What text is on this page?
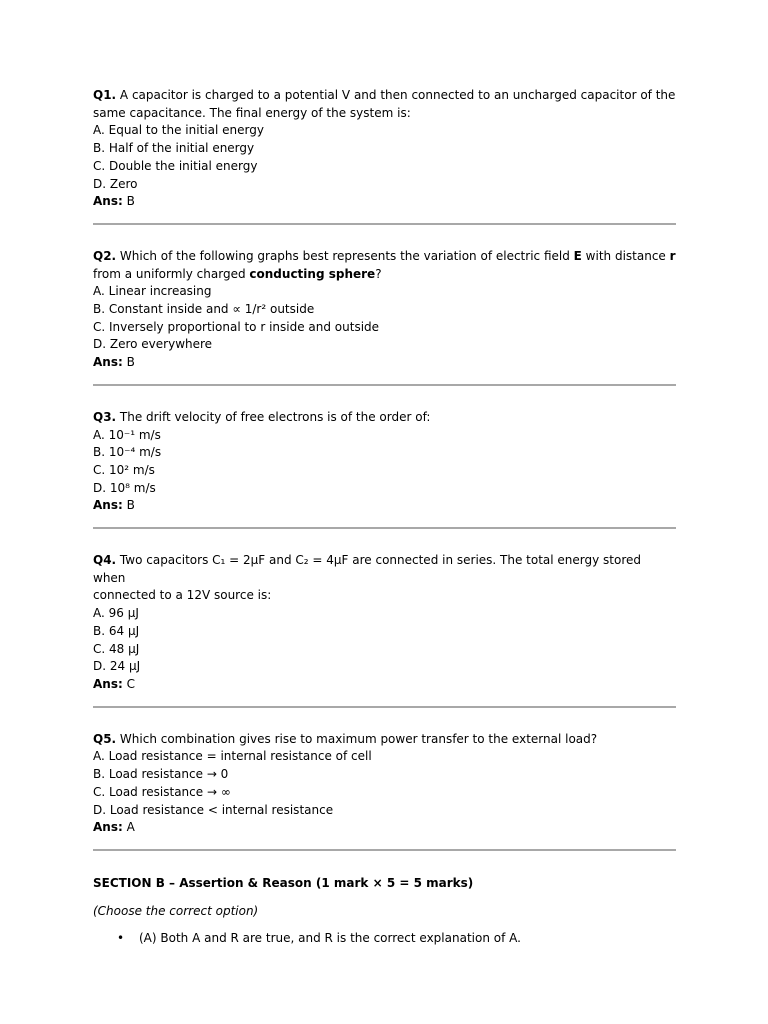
Q1. A capacitor is charged to a potential V and then connected to an uncharged capacitor of the

same capacitance. The final energy of the system is:

A. Equal to the initial energy

B. Half of the initial energy

C. Double the initial energy

D. Zero

Ans: B

Q2. Which of the following graphs best represents the variation of electric field E with distance r

from a uniformly charged conducting sphere?

A. Linear increasing

B. Constant inside and ∝ 1/r² outside

C. Inversely proportional to r inside and outside

D. Zero everywhere

Ans: B

Q3. The drift velocity of free electrons is of the order of:

A. 10⁻¹ m/s

B. 10⁻⁴ m/s

C. 10² m/s

D. 10⁸ m/s

Ans: B

Q4. Two capacitors C₁ = 2μF and C₂ = 4μF are connected in series. The total energy stored when

connected to a 12V source is:

A. 96 μJ

B. 64 μJ

C. 48 μJ

D. 24 μJ

Ans: C

Q5. Which combination gives rise to maximum power transfer to the external load?

A. Load resistance = internal resistance of cell

B. Load resistance → 0

C. Load resistance → ∞

D. Load resistance < internal resistance

Ans: A

SECTION B – Assertion & Reason (1 mark × 5 = 5 marks)

(Choose the correct option)

• (A) Both A and R are true, and R is the correct explanation of A.
